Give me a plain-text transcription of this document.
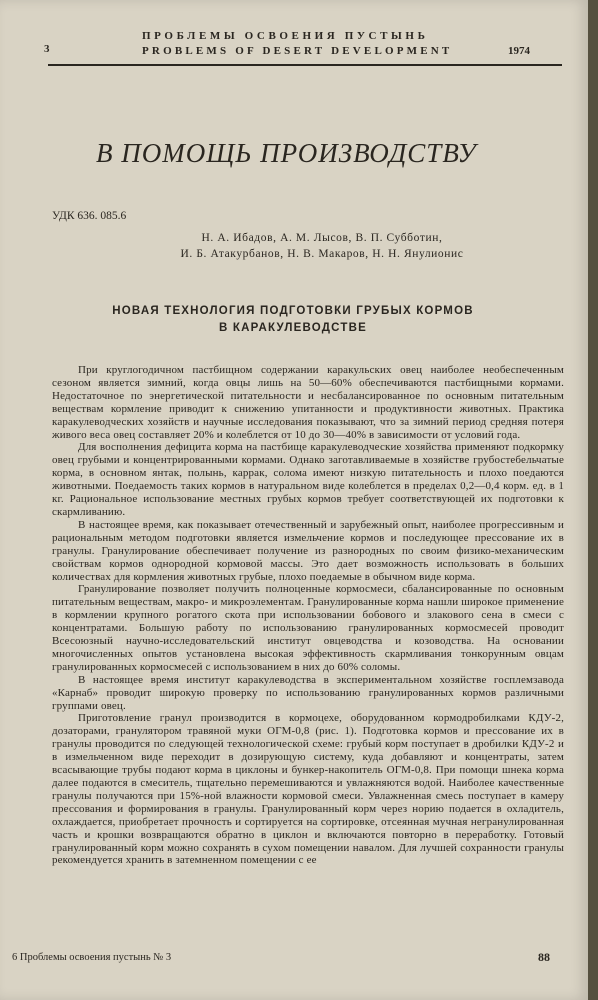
3
ПРОБЛЕМЫ ОСВОЕНИЯ ПУСТЫНЬ
PROBLEMS OF DESERT DEVELOPMENT	1974
В ПОМОЩЬ ПРОИЗВОДСТВУ
УДК 636. 085.6
Н. А. Ибадов, А. М. Лысов, В. П. Субботин,
И. Б. Атакурбанов, Н. В. Макаров, Н. Н. Янулионис
НОВАЯ ТЕХНОЛОГИЯ ПОДГОТОВКИ ГРУБЫХ КОРМОВ
В КАРАКУЛЕВОДСТВЕ

При круглогодичном пастбищном содержании каракульских овец наиболее необеспеченным сезоном является зимний, когда овцы лишь на 50—60% обеспечиваются пастбищными кормами. Недостаточное по энергетической питательности и несбалансированное по основным питательным веществам кормление приводит к снижению упитанности и продуктивности животных. Практика каракулеводческих хозяйств и научные исследования показывают, что за зимний период средняя потеря живого веса овец составляет 20% и колеблется от 10 до 30—40% в зависимости от условий года.

Для восполнения дефицита корма на пастбище каракулеводческие хозяйства применяют подкормку овец грубыми и концентрированными кормами. Однако заготавливаемые в хозяйстве грубостебельчатые корма, в основном янтак, полынь, каррак, солома имеют низкую питательность и плохо поедаются животными. Поедаемость таких кормов в натуральном виде колеблется в пределах 0,2—0,4 корм. ед. в 1 кг. Рациональное использование местных грубых кормов требует соответствующей их подготовки к скармливанию.

В настоящее время, как показывает отечественный и зарубежный опыт, наиболее прогрессивным и рациональным методом подготовки является измельчение кормов и последующее прессование их в гранулы. Гранулирование обеспечивает получение из разнородных по своим физико-механическим свойствам кормов однородной кормовой массы. Это дает возможность использовать в больших количествах для кормления животных грубые, плохо поедаемые в обычном виде корма.

Гранулирование позволяет получить полноценные кормосмеси, сбалансированные по основным питательным веществам, макро- и микроэлементам. Гранулированные корма нашли широкое применение в кормлении крупного рогатого скота при использовании бобового и злакового сена в смеси с концентратами. Большую работу по использованию гранулированных кормосмесей проводит Всесоюзный научно-исследовательский институт овцеводства и козоводства. На основании многочисленных опытов установлена высокая эффективность скармливания тонкорунным овцам гранулированных кормосмесей с использованием в них до 60% соломы.

В настоящее время институт каракулеводства в экспериментальном хозяйстве госплемзавода «Карнаб» проводит широкую проверку по использованию гранулированных кормов различными группами овец.

Приготовление гранул производится в кормоцехе, оборудованном кормодробилками КДУ-2, дозаторами, гранулятором травяной муки ОГМ-0,8 (рис. 1). Подготовка кормов и прессование их в гранулы проводится по следующей технологической схеме: грубый корм поступает в дробилки КДУ-2 и в измельченном виде переходит в дозирующую систему, куда добавляют и концентраты, затем всасывающие трубы подают корма в циклоны и бункер-накопитель ОГМ-0,8. При помощи шнека корма далее подаются в смеситель, тщательно перемешиваются и увлажняются водой. Наиболее качественные гранулы получаются при 15%-ной влажности кормовой смеси. Увлажненная смесь поступает в камеру прессования и формирования в гранулы. Гранулированный корм через норию подается в охладитель, охлаждается, приобретает прочность и сортируется на сортировке, отсеянная мучная негранулированная часть и крошки возвращаются обратно в циклон и включаются повторно в переработку. Готовый гранулированный корм можно сохранять в сухом помещении навалом. Для лучшей сохранности гранулы рекомендуется хранить в затемненном помещении с ее

6 Проблемы освоения пустынь № 3	88
